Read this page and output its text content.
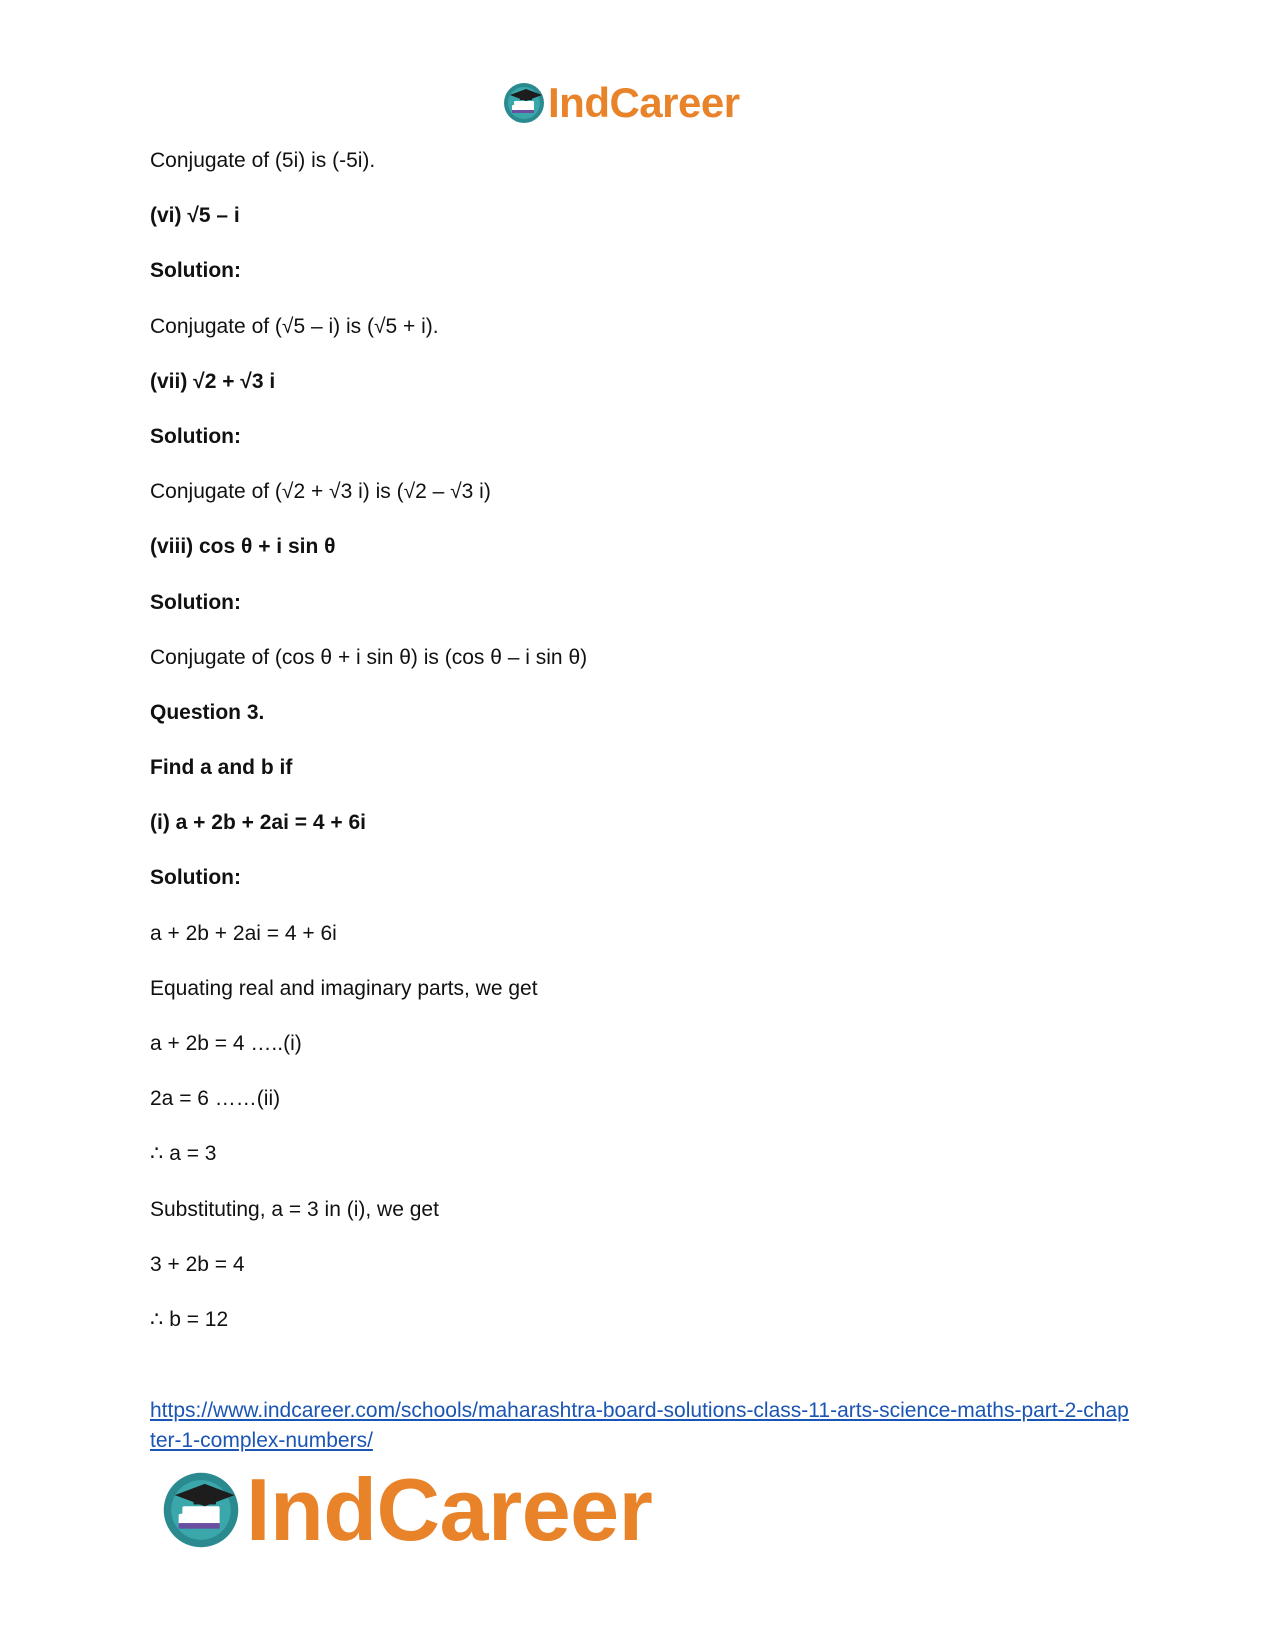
IndCareer
Conjugate of (5i) is (-5i).
(vi) √5 – i
Solution:
Conjugate of (√5 – i) is (√5 + i).
(vii) √2 + √3 i
Solution:
Conjugate of (√2 + √3 i) is (√2 – √3 i)
(viii) cos θ + i sin θ
Solution:
Conjugate of (cos θ + i sin θ) is (cos θ – i sin θ)
Question 3.
Find a and b if
(i) a + 2b + 2ai = 4 + 6i
Solution:
a + 2b + 2ai = 4 + 6i
Equating real and imaginary parts, we get
a + 2b = 4 …..(i)
2a = 6 ……(ii)
∴ a = 3
Substituting, a = 3 in (i), we get
3 + 2b = 4
∴ b = 12
https://www.indcareer.com/schools/maharashtra-board-solutions-class-11-arts-science-maths-part-2-chapter-1-complex-numbers/
IndCareer
